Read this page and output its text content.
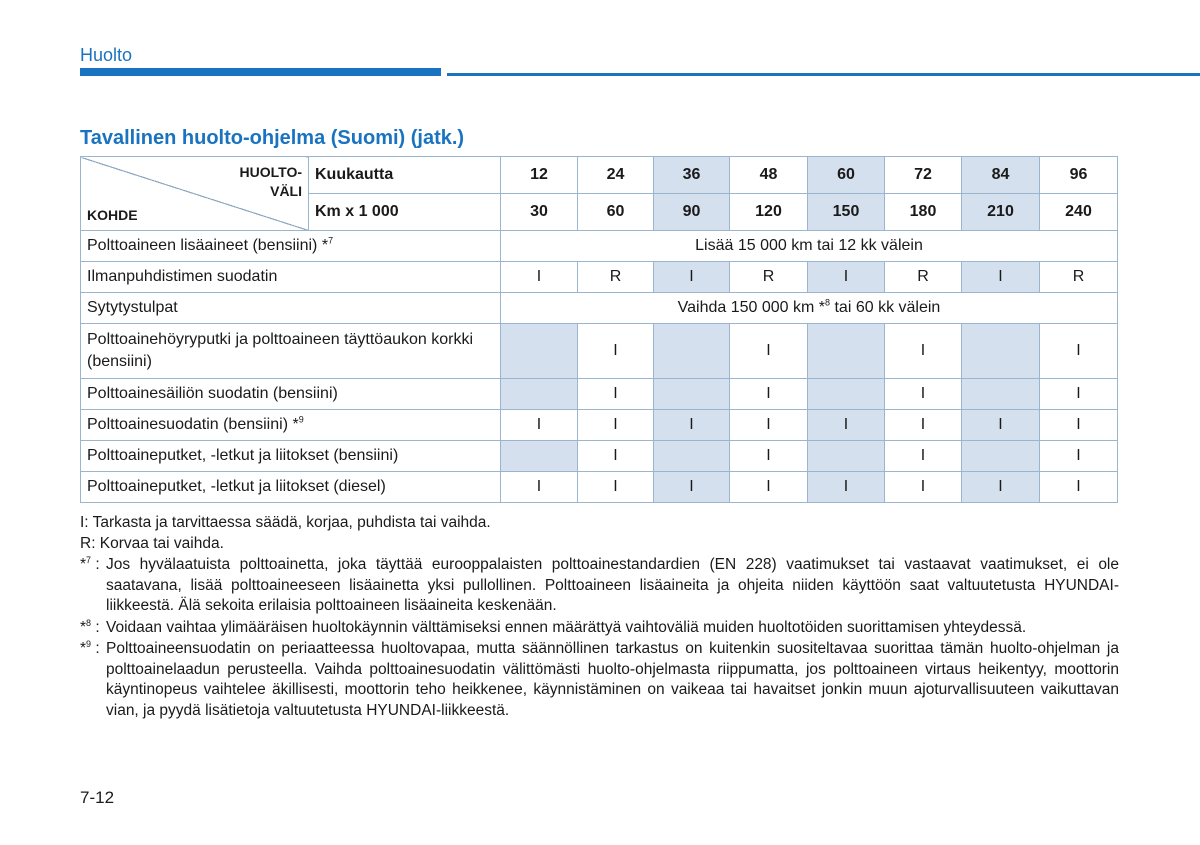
Huolto
Tavallinen huolto-ohjelma (Suomi) (jatk.)
HUOLTO-
VÄLI
KOHDE	Kuukautta	12	24	36	48	60	72	84	96
	Km x 1 000	30	60	90	120	150	180	210	240
Polttoaineen lisäaineet (bensiini) *$^7$		Lisää 15 000 km tai 12 kk välein							
Ilmanpuhdistimen suodatin		I	R	I	R	I	R	I	R
Sytytystulpat		Vaihda 150 000 km *$^8$ tai 60 kk välein							
Polttoainehöyryputki ja polttoaineen täyttöaukon korkki (bensiini)			I		I		I		I
Polttoainesäiliön suodatin (bensiini)			I		I		I		I
Polttoainesuodatin (bensiini) *$^9$		I	I	I	I	I	I	I	I
Polttoaineputket, -letkut ja liitokset (bensiini)			I		I		I		I
Polttoaineputket, -letkut ja liitokset (diesel)		I	I	I	I	I	I	I	I

I: Tarkasta ja tarvittaessa säädä, korjaa, puhdista tai vaihda.

R: Korvaa tai vaihda.

*$^7$ : Jos hyvälaatuista polttoainetta, joka täyttää eurooppalaisten polttoainestandardien (EN 228) vaatimukset tai vastaavat vaatimukset, ei ole saatavana, lisää polttoaineeseen lisäainetta yksi pullollinen. Polttoaineen lisäaineita ja ohjeita niiden käyttöön saat valtuutetusta HYUNDAI-liikkeestä. Älä sekoita erilaisia polttoaineen lisäaineita keskenään.
*$^8$ : Voidaan vaihtaa ylimääräisen huoltokäynnin välttämiseksi ennen määrättyä vaihtoväliä muiden huoltotöiden suorittamisen yhteydessä.
*$^9$ : Polttoaineensuodatin on periaatteessa huoltovapaa, mutta säännöllinen tarkastus on kuitenkin suositeltavaa suorittaa tämän huolto-ohjelman ja polttoainelaadun perusteella. Vaihda polttoainesuodatin välittömästi huolto-ohjelmasta riippumatta, jos polttoaineen virtaus heikentyy, moottorin käyntinopeus vaihtelee äkillisesti, moottorin teho heikkenee, käynnistäminen on vaikeaa tai havaitset jonkin muun ajoturvallisuuteen vaikuttavan vian, ja pyydä lisätietoja valtuutetusta HYUNDAI-liikkeestä.
7-12
